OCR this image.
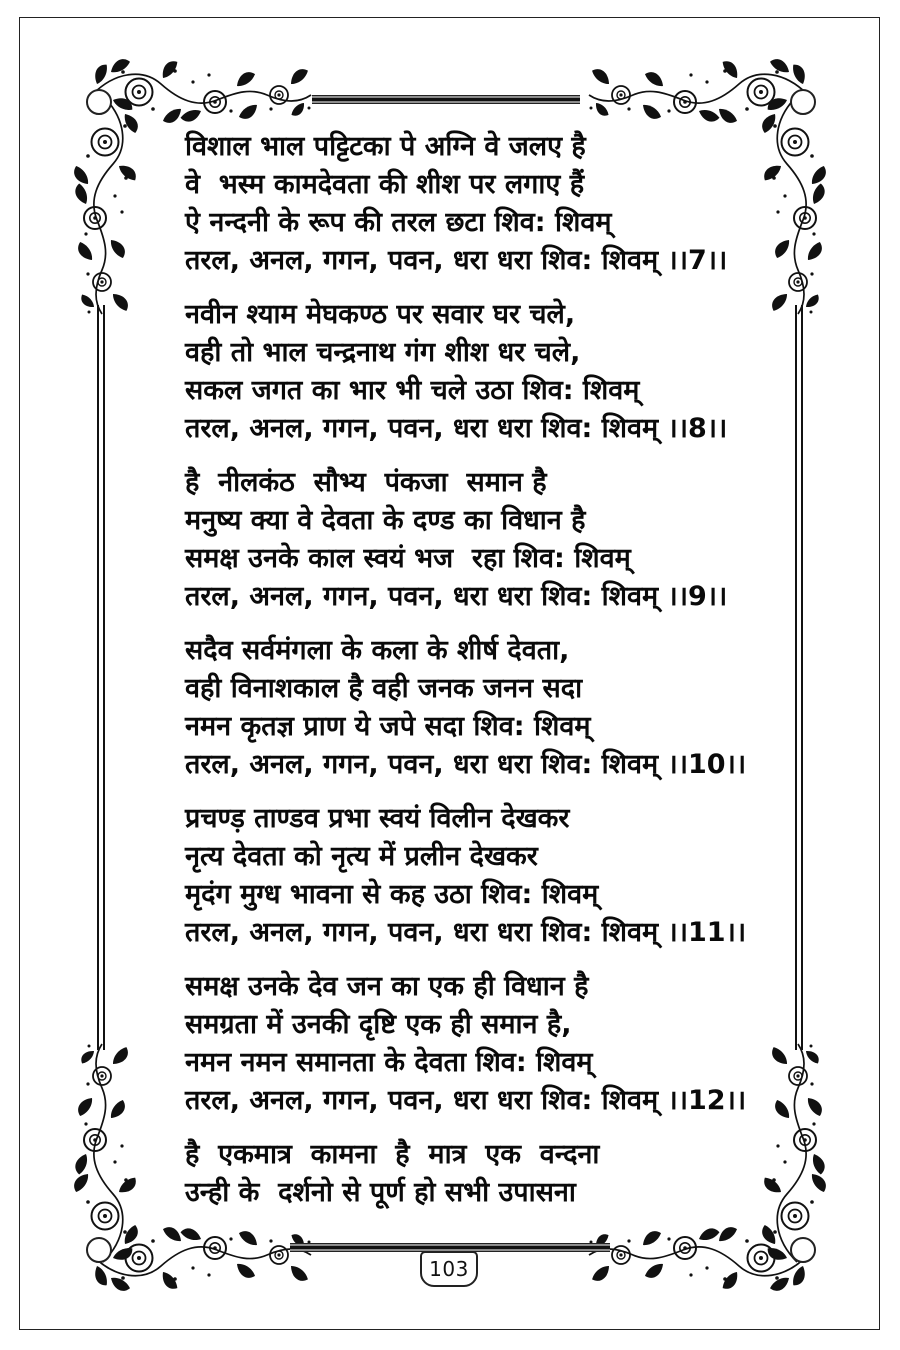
विशाल भाल पट्टिटका पे अग्नि वे जलए है
वे  भस्म कामदेवता की शीश पर लगाए हैं
ऐ नन्दनी के रूप की तरल छटा शिव: शिवम्
तरल, अनल, गगन, पवन, धरा धरा शिव: शिवम् ।।7।।
नवीन श्याम मेघकण्ठ पर सवार घर चले,
वही तो भाल चन्द्रनाथ गंग शीश धर चले,
सकल जगत का भार भी चले उठा शिव: शिवम्
तरल, अनल, गगन, पवन, धरा धरा शिव: शिवम् ।।8।।
है  नीलकंठ  सौभ्य  पंकजा  समान है
मनुष्य क्या वे देवता के दण्ड का विधान है
समक्ष उनके काल स्वयं भज  रहा शिव: शिवम्
तरल, अनल, गगन, पवन, धरा धरा शिव: शिवम् ।।9।।
सदैव सर्वमंगला के कला के शीर्ष देवता,
वही विनाशकाल है वही जनक जनन सदा
नमन कृतज्ञ प्राण ये जपे सदा शिव: शिवम्
तरल, अनल, गगन, पवन, धरा धरा शिव: शिवम् ।।10।।
प्रचण्ड़ ताण्डव प्रभा स्वयं विलीन देखकर
नृत्य देवता को नृत्य में प्रलीन देखकर
मृदंग मुग्ध भावना से कह उठा शिव: शिवम्
तरल, अनल, गगन, पवन, धरा धरा शिव: शिवम् ।।11।।
समक्ष उनके देव जन का एक ही विधान है
समग्रता में उनकी दृष्टि एक ही समान है,
नमन नमन समानता के देवता शिव: शिवम्
तरल, अनल, गगन, पवन, धरा धरा शिव: शिवम् ।।12।।
है  एकमात्र  कामना  है  मात्र  एक  वन्दना
उन्ही के  दर्शनो से पूर्ण हो सभी उपासना
103
